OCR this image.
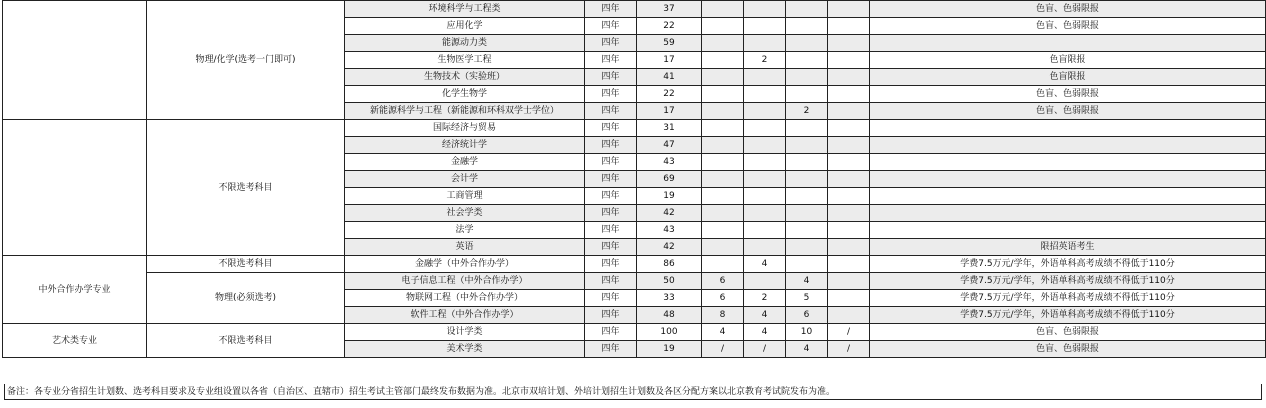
	物理/化学(选考一门即可)	环境科学与工程类	四年	37					色盲、色弱限报
		应用化学	四年	22					色盲、色弱限报
		能源动力类	四年	59					
		生物医学工程	四年	17		2			色盲限报
		生物技术（实验班）	四年	41					色盲限报
		化学生物学	四年	22					色盲、色弱限报
		新能源科学与工程（新能源和环科双学士学位）	四年	17			2		色盲、色弱限报
	不限选考科目	国际经济与贸易	四年	31					
		经济统计学	四年	47					
		金融学	四年	43					
		会计学	四年	69					
		工商管理	四年	19					
		社会学类	四年	42					
		法学	四年	43					
		英语	四年	42					限招英语考生
中外合作办学专业	不限选考科目	金融学（中外合作办学）	四年	86		4			学费7.5万元/学年，外语单科高考成绩不得低于110分
	物理(必须选考)	电子信息工程（中外合作办学）	四年	50	6		4		学费7.5万元/学年，外语单科高考成绩不得低于110分
		物联网工程（中外合作办学）	四年	33	6	2	5		学费7.5万元/学年，外语单科高考成绩不得低于110分
		软件工程（中外合作办学）	四年	48	8	4	6		学费7.5万元/学年，外语单科高考成绩不得低于110分
艺术类专业	不限选考科目	设计学类	四年	100	4	4	10	/	色盲、色弱限报
		美术学类	四年	19	/	/	4	/	色盲、色弱限报
备注：各专业分省招生计划数、选考科目要求及专业组设置以各省（自治区、直辖市）招生考试主管部门最终发布数据为准。北京市双培计划、外培计划招生计划数及各区分配方案以北京教育考试院发布为准。
